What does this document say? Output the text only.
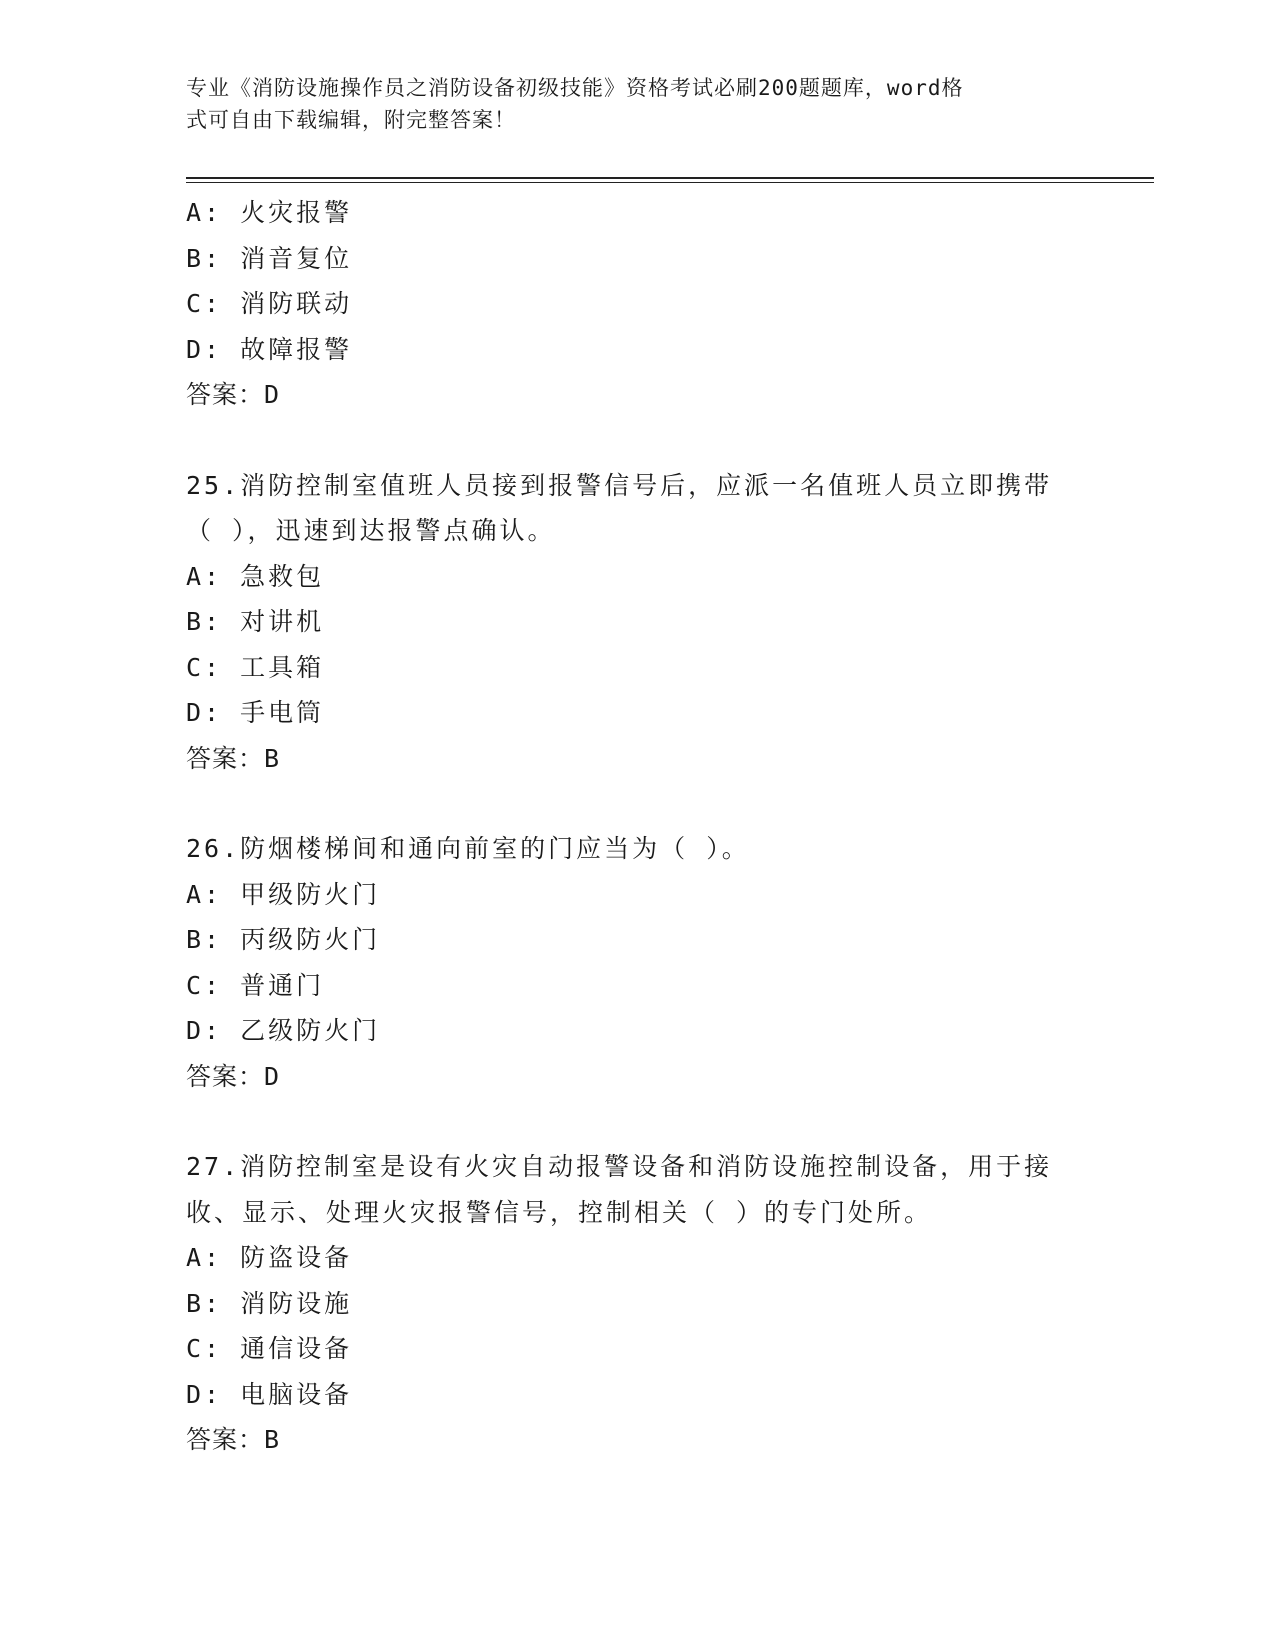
专业《消防设施操作员之消防设备初级技能》资格考试必刷200题题库，word格
式可自由下载编辑，附完整答案！
A: 火灾报警
B: 消音复位
C: 消防联动
D: 故障报警
答案：D
25.消防控制室值班人员接到报警信号后，应派一名值班人员立即携带
（ ），迅速到达报警点确认。
A: 急救包
B: 对讲机
C: 工具箱
D: 手电筒
答案：B
26.防烟楼梯间和通向前室的门应当为（ ）。
A: 甲级防火门
B: 丙级防火门
C: 普通门
D: 乙级防火门
答案：D
27.消防控制室是设有火灾自动报警设备和消防设施控制设备，用于接
收、显示、处理火灾报警信号，控制相关（ ）的专门处所。
A: 防盗设备
B: 消防设施
C: 通信设备
D: 电脑设备
答案：B
